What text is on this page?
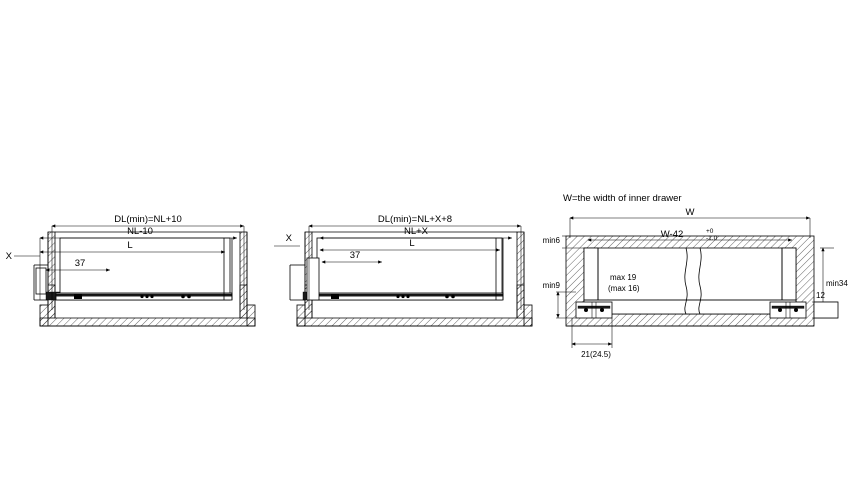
DL(min)=NL+10
NL-10
L
37
X
DL(min)=NL+X+8
NL+X
L
37
X
W=the width of inner drawer
W
W-42	+0
-1.0
min6
min9	min34
12
max 19
(max 16)
21(24.5)
